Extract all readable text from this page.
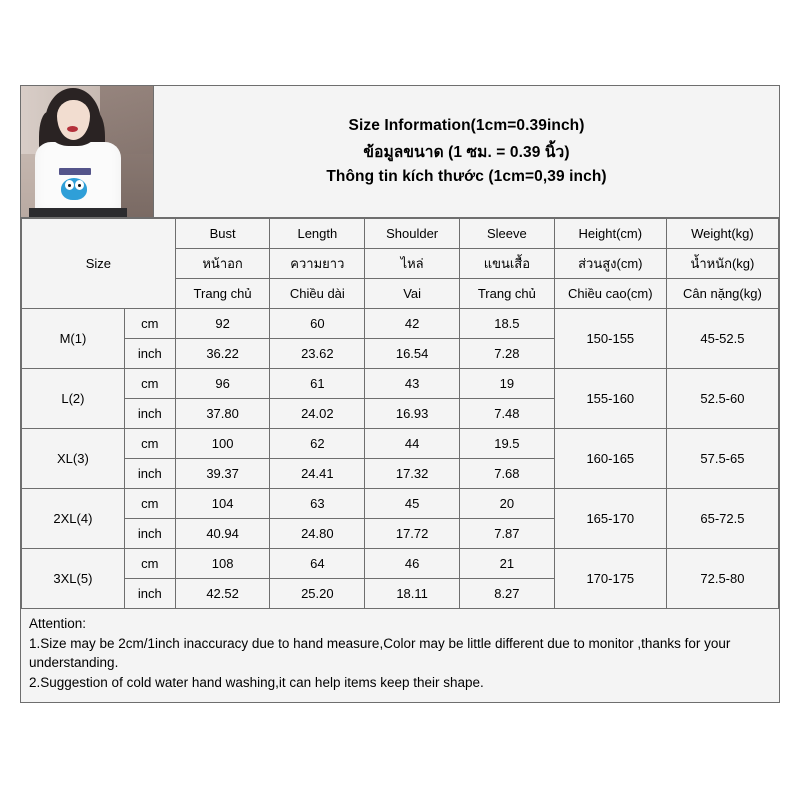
Size Information(1cm=0.39inch)
ข้อมูลขนาด (1 ซม. = 0.39 นิ้ว)
Thông tin kích thước (1cm=0,39 inch)
Size		Bust	Length	Shoulder	Sleeve	Height(cm)	Weight(kg)
		หน้าอก	ความยาว	ไหล่	แขนเสื้อ	ส่วนสูง(cm)	น้ำหนัก(kg)
		Trang chủ	Chiều dài	Vai	Trang chủ	Chiều cao(cm)	Cân nặng(kg)
M(1)	cm	92	60	42	18.5	150-155	45-52.5
	inch	36.22	23.62	16.54	7.28		
L(2)	cm	96	61	43	19	155-160	52.5-60
	inch	37.80	24.02	16.93	7.48		
XL(3)	cm	100	62	44	19.5	160-165	57.5-65
	inch	39.37	24.41	17.32	7.68		
2XL(4)	cm	104	63	45	20	165-170	65-72.5
	inch	40.94	24.80	17.72	7.87		
3XL(5)	cm	108	64	46	21	170-175	72.5-80
	inch	42.52	25.20	18.11	8.27		
Attention:
1.Size may be 2cm/1inch inaccuracy due to hand measure,Color may be little different due to monitor ,thanks for your understanding.
2.Suggestion of cold water hand washing,it can help items keep their shape.
